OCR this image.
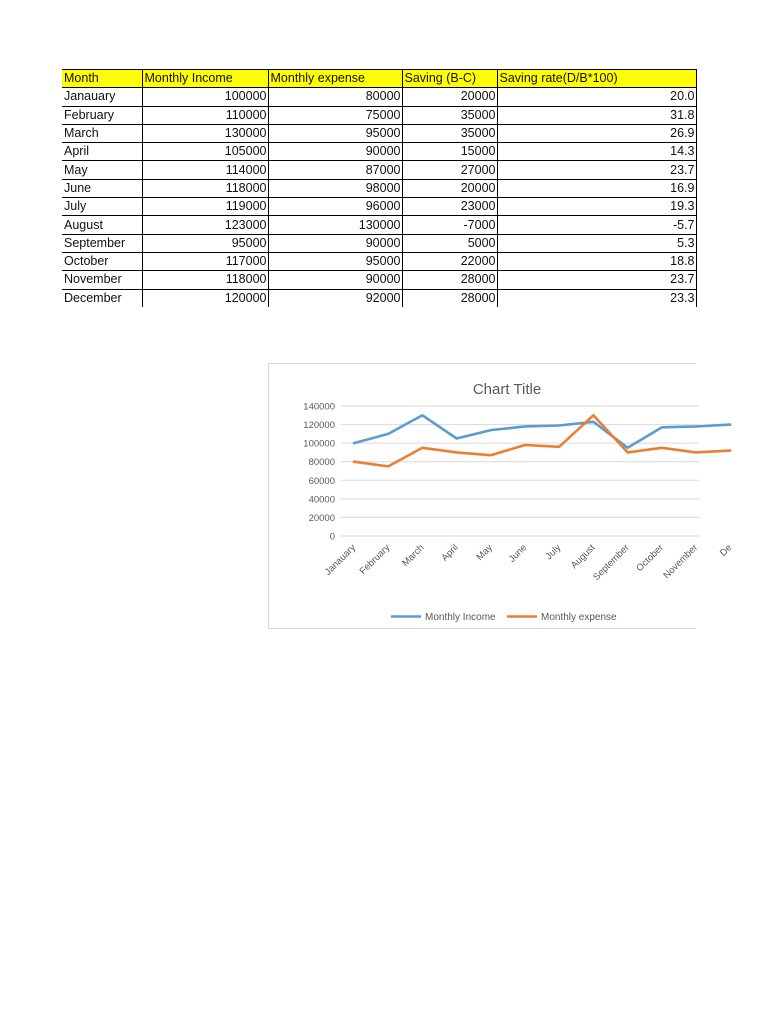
Month	Monthly Income	Monthly expense	Saving (B-C)	Saving rate(D/B*100)
Janauary	100000	80000	20000	20.0
February	110000	75000	35000	31.8
March	130000	95000	35000	26.9
April	105000	90000	15000	14.3
May	114000	87000	27000	23.7
June	118000	98000	20000	16.9
July	119000	96000	23000	19.3
August	123000	130000	-7000	-5.7
September	95000	90000	5000	5.3
October	117000	95000	22000	18.8
November	118000	90000	28000	23.7
December	120000	92000	28000	23.3
Chart Title
0
20000
40000
60000
80000
100000
120000
140000
Janauary February March April May June July August
September October
November De
Monthly Income	Monthly expense
